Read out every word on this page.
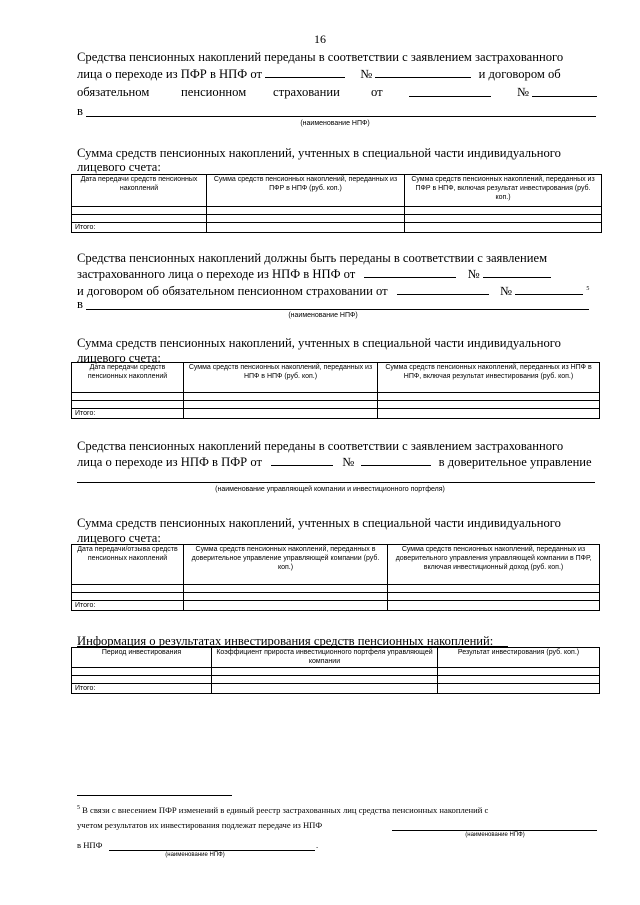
16
Средства пенсионных накоплений переданы в соответствии с заявлением застрахованного
лица о переходе из ПФР в НПФ от	№	и договором об
обязательном	пенсионном страховании от	№
в
(наименование НПФ)
Сумма средств пенсионных накоплений, учтенных в специальной части индивидуального
лицевого счета:
Дата передачи средств пенсионных накоплений	Сумма средств пенсионных накоплений, переданных из ПФР в НПФ (руб. коп.)	Сумма средств пенсионных накоплений, переданных из ПФР в НПФ, включая результат инвестирования (руб. коп.)

Итого:		
Средства пенсионных накоплений должны быть переданы в соответствии с заявлением
застрахованного лица о переходе из НПФ в НПФ от	№
и договором об обязательном пенсионном страховании от	№	$^5$
в
(наименование НПФ)
Сумма средств пенсионных накоплений, учтенных в специальной части индивидуального
лицевого счета:
Дата передачи средств пенсионных накоплений	Сумма средств пенсионных накоплений, переданных из НПФ в НПФ (руб. коп.)	Сумма средств пенсионных накоплений, переданных из НПФ в НПФ, включая результат инвестирования (руб. коп.)

Итого:		
Средства пенсионных накоплений переданы в соответствии с заявлением застрахованного
лица о переходе из НПФ в ПФР от	№	в доверительное управление
(наименование управляющей компании и инвестиционного портфеля)
Сумма средств пенсионных накоплений, учтенных в специальной части индивидуального
лицевого счета:
Дата передачи/отзыва средств пенсионных накоплений	Сумма средств пенсионных накоплений, переданных в доверительное управление управляющей компании (руб. коп.)	Сумма средств пенсионных накоплений, переданных из доверительного управления управляющей компании в ПФР, включая инвестиционный доход (руб. коп.)

Итого:		
Информация о результатах инвестирования средств пенсионных накоплений:
Период инвестирования	Коэффициент прироста инвестиционного портфеля управляющей компании	Результат инвестирования (руб. коп.)

Итого:		
$^5$ В связи с внесением ПФР изменений в единый реестр застрахованных лиц средства пенсионных накоплений с
учетом результатов их инвестирования подлежат передаче из НПФ
(наименование НПФ)
в НПФ	.
(наименование НПФ)
